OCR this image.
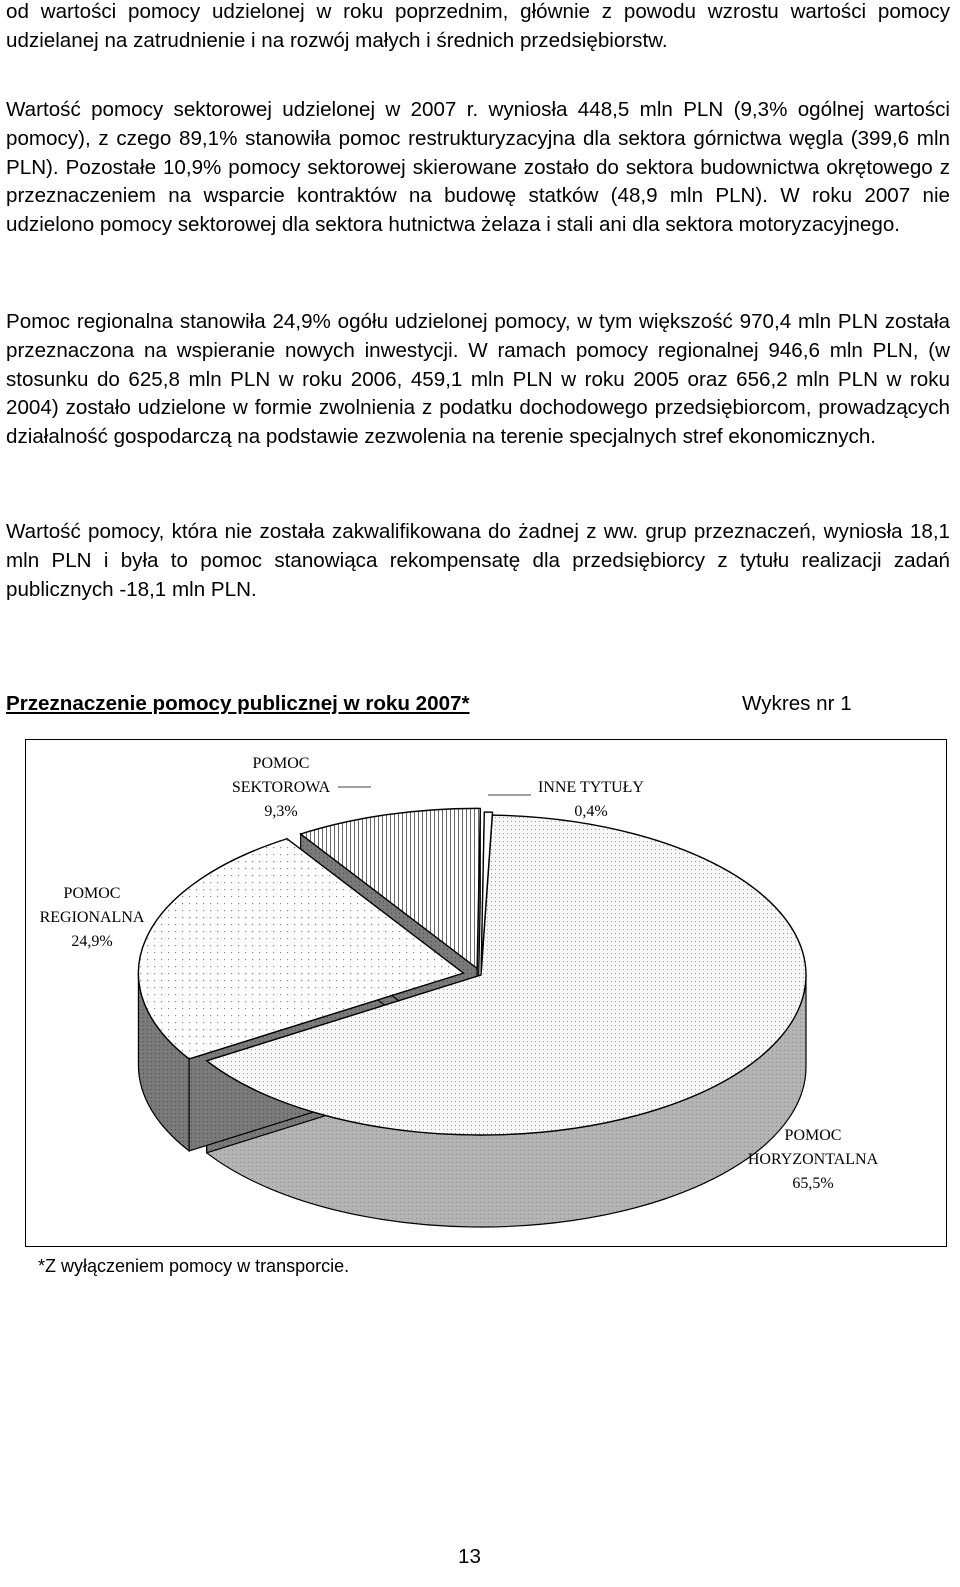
od wartości pomocy udzielonej w roku poprzednim, głównie z powodu wzrostu wartości pomocy udzielanej na zatrudnienie i na rozwój małych i średnich przedsiębiorstw.

Wartość pomocy sektorowej udzielonej w 2007 r. wyniosła 448,5 mln PLN (9,3% ogólnej wartości pomocy), z czego 89,1% stanowiła pomoc restrukturyzacyjna dla sektora górnictwa węgla (399,6 mln PLN). Pozostałe 10,9% pomocy sektorowej skierowane zostało do sektora budownictwa okrętowego z przeznaczeniem na wsparcie kontraktów na budowę statków (48,9 mln PLN). W roku 2007 nie udzielono pomocy sektorowej dla sektora hutnictwa żelaza i stali ani dla sektora motoryzacyjnego.

Pomoc regionalna stanowiła 24,9% ogółu udzielonej pomocy, w tym większość 970,4 mln PLN została przeznaczona na wspieranie nowych inwestycji. W ramach pomocy regionalnej 946,6 mln PLN, (w stosunku do 625,8 mln PLN w roku 2006, 459,1 mln PLN w roku 2005 oraz 656,2 mln PLN w roku 2004) zostało udzielone w formie zwolnienia z podatku dochodowego przedsiębiorcom, prowadzących działalność gospodarczą na podstawie zezwolenia na terenie specjalnych stref ekonomicznych.

Wartość pomocy, która nie została zakwalifikowana do żadnej z ww. grup przeznaczeń, wyniosła 18,1 mln PLN i była to pomoc stanowiąca rekompensatę dla przedsiębiorcy z tytułu realizacji zadań publicznych -18,1 mln PLN.

Przeznaczenie pomocy publicznej w roku 2007*	Wykres nr 1

POMOC
HORYZONTALNA
65,5%
POMOC
REGIONALNA
24,9%
POMOC
SEKTOROWA
9,3%
INNE TYTUŁY
0,4%

*Z wyłączeniem pomocy w transporcie.

13
